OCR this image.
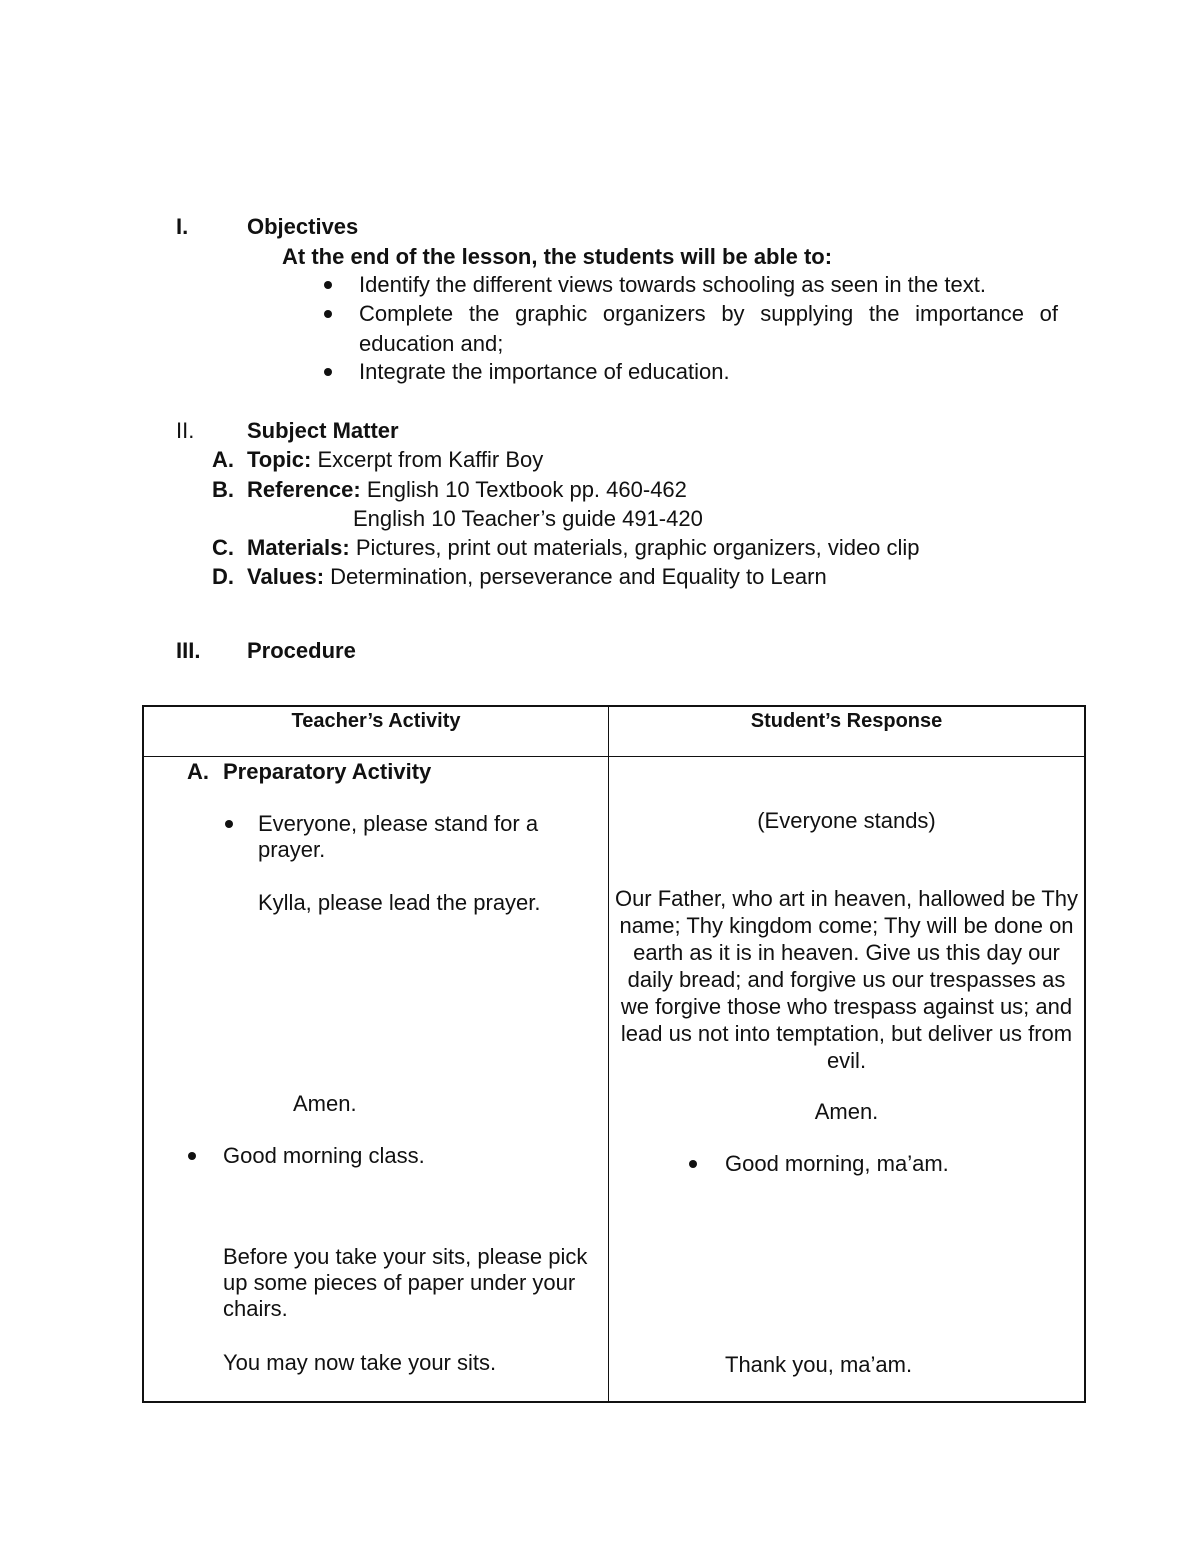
I.	Objectives
At the end of the lesson, the students will be able to:
Identify the different views towards schooling as seen in the text.
Complete the graphic organizers by supplying the importance of
education and;
Integrate the importance of education.
II. Subject Matter
A. Topic: Excerpt from Kaffir Boy
B. Reference: English 10 Textbook pp. 460-462
English 10 Teacher’s guide 491-420
C. Materials: Pictures, print out materials, graphic organizers, video clip
D. Values: Determination, perseverance and Equality to Learn
III. Procedure
Teacher’s Activity	Student’s Response
A. Preparatory Activity
Everyone, please stand for a prayer.
Kylla, please lead the prayer.
Amen.
Good morning class.
Before you take your sits, please pick up some pieces of paper under your chairs.
You may now take your sits.
(Everyone stands)
Our Father, who art in heaven, hallowed be Thy name; Thy kingdom come; Thy will be done on earth as it is in heaven. Give us this day our daily bread; and forgive us our trespasses as we forgive those who trespass against us; and lead us not into temptation, but deliver us from evil.
Amen.
Good morning, ma’am.
Thank you, ma’am.
